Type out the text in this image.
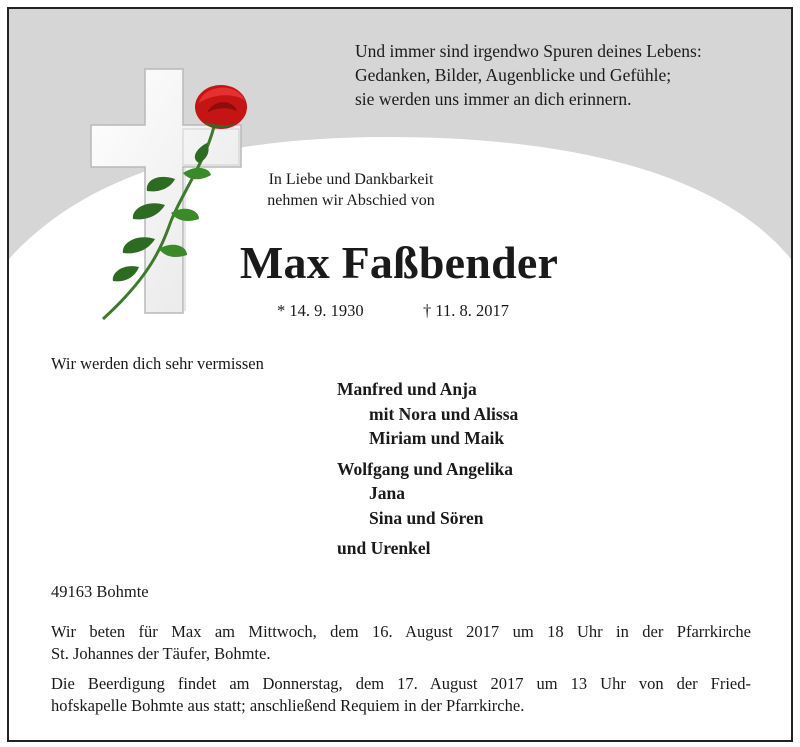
Und immer sind irgendwo Spuren deines Lebens:
Gedanken, Bilder, Augenblicke und Gefühle;
sie werden uns immer an dich erinnern.
In Liebe und Dankbarkeit
nehmen wir Abschied von
Max Faßbender
* 14. 9. 1930	† 11. 8. 2017
Wir werden dich sehr vermissen
Manfred und Anja
mit Nora und Alissa
Miriam und Maik
Wolfgang und Angelika
Jana
Sina und Sören
und Urenkel
49163 Bohmte
Wir beten für Max am Mittwoch, dem 16. August 2017 um 18 Uhr in der Pfarrkirche
St. Johannes der Täufer, Bohmte.
Die Beerdigung findet am Donnerstag, dem 17. August 2017 um 13 Uhr von der Fried-
hofskapelle Bohmte aus statt; anschließend Requiem in der Pfarrkirche.
